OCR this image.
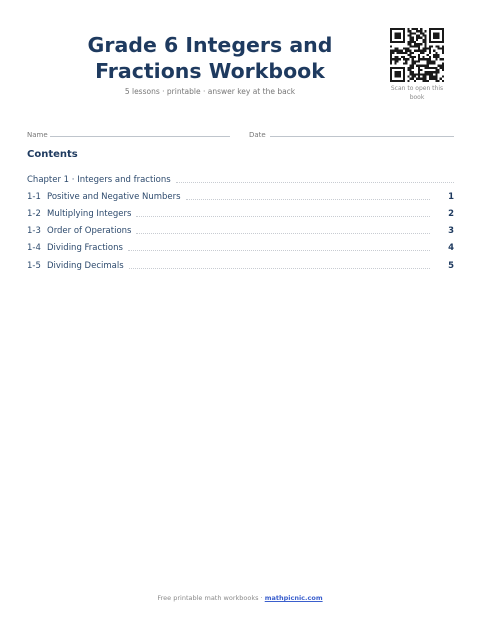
Grade 6 Integers and
Fractions Workbook
5 lessons · printable · answer key at the back	Scan to open this
book
Name	Date
Contents
Chapter 1 · Integers and fractions
1-1 Positive and Negative Numbers	1
1-2 Multiplying Integers	2
1-3 Order of Operations	3
1-4 Dividing Fractions	4
1-5 Dividing Decimals	5
Free printable math workbooks · mathpicnic.com
